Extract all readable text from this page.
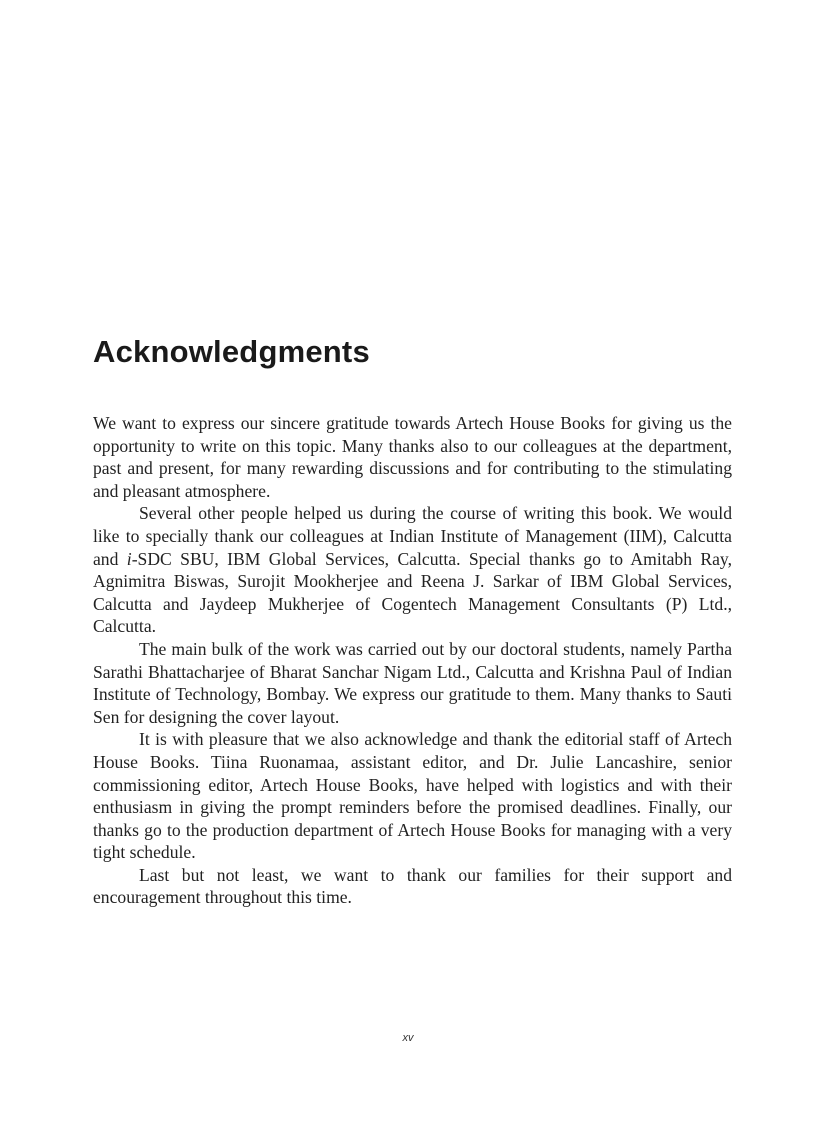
Acknowledgments

We want to express our sincere gratitude towards Artech House Books for giving us the opportunity to write on this topic. Many thanks also to our colleagues at the department, past and present, for many rewarding discussions and for contributing to the stimulating and pleasant atmosphere.

Several other people helped us during the course of writing this book. We would like to specially thank our colleagues at Indian Institute of Management (IIM), Calcutta and i-SDC SBU, IBM Global Services, Calcutta. Special thanks go to Amitabh Ray, Agnimitra Biswas, Surojit Mookherjee and Reena J. Sarkar of IBM Global Services, Calcutta and Jaydeep Mukherjee of Cogentech Management Consultants (P) Ltd., Calcutta.

The main bulk of the work was carried out by our doctoral students, namely Partha Sarathi Bhattacharjee of Bharat Sanchar Nigam Ltd., Calcutta and Krishna Paul of Indian Institute of Technology, Bombay. We express our gratitude to them. Many thanks to Sauti Sen for designing the cover layout.

It is with pleasure that we also acknowledge and thank the editorial staff of Artech House Books. Tiina Ruonamaa, assistant editor, and Dr. Julie Lancashire, senior commissioning editor, Artech House Books, have helped with logistics and with their enthusiasm in giving the prompt reminders before the promised deadlines. Finally, our thanks go to the production department of Artech House Books for managing with a very tight schedule.

Last but not least, we want to thank our families for their support and encouragement throughout this time.

xv
